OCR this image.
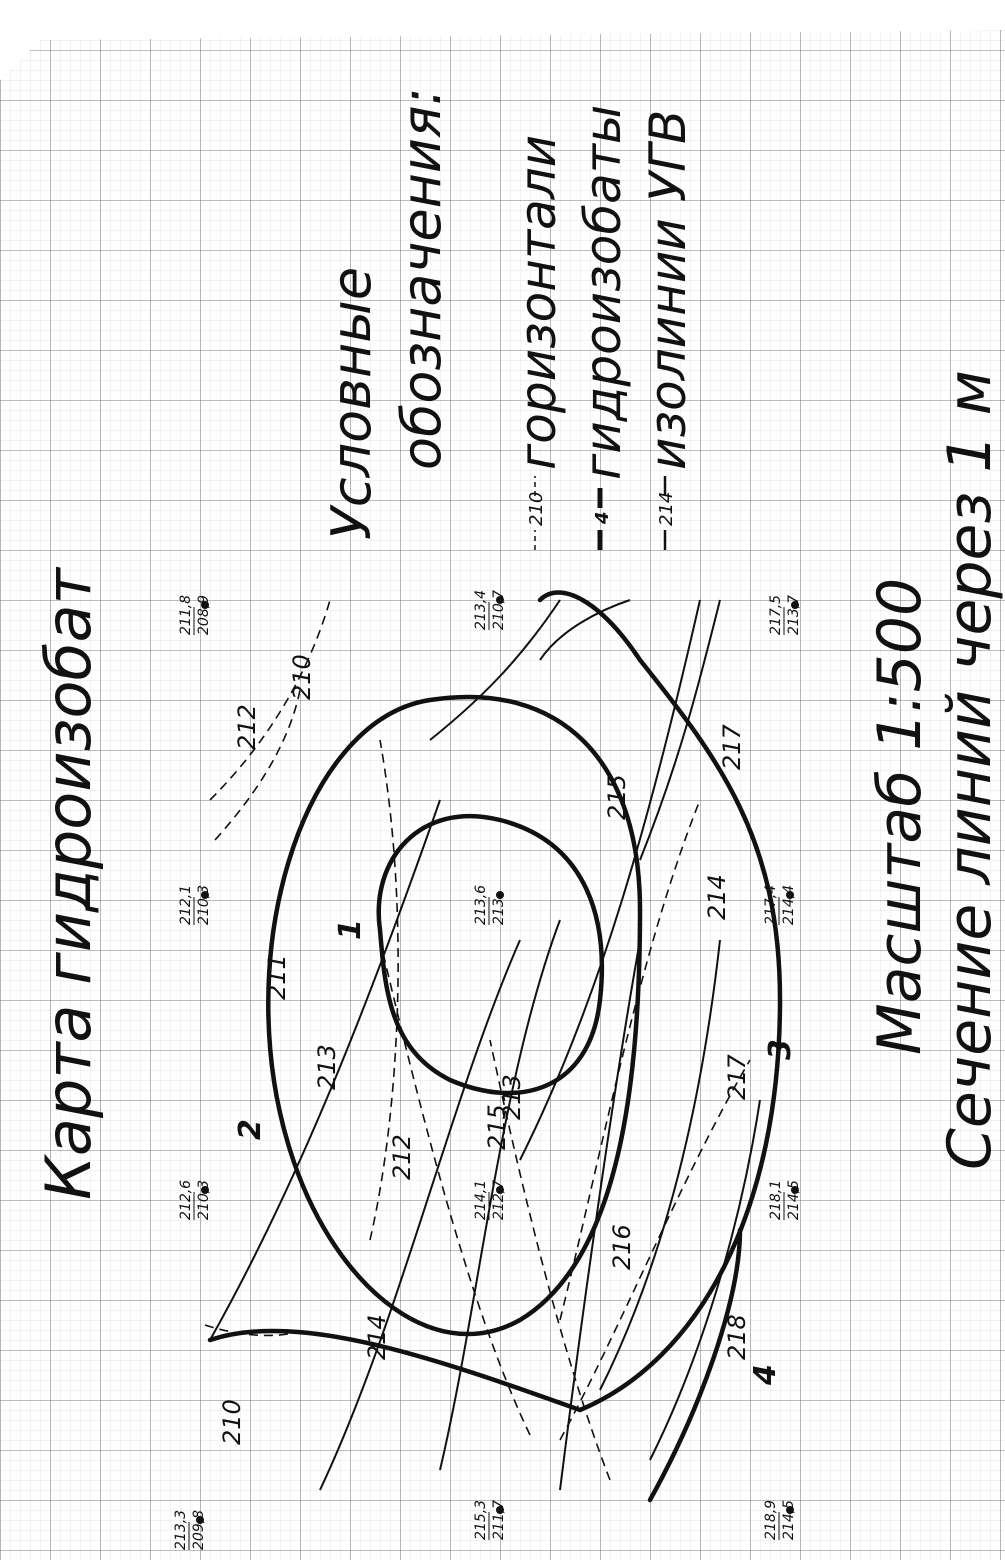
Карта гидроизобат
Условные обозначения:
210
горизонтали
4
гидроизобаты
214
изолинии УГВ
Масштаб 1:500 Сечение линий через 1 м
1
2
3
4
210
211
212
212
210
213
213
214
215
216
217
218
214
215
217
213,3 209,8
212,6 210,3
212,1 210,3
211,8 208,9
215,3 211,7
214,1 212,7
213,6 213
213,4 210,7
218,9 214,5
218,1 214,5
217,4 214,4
217,5 213,7
